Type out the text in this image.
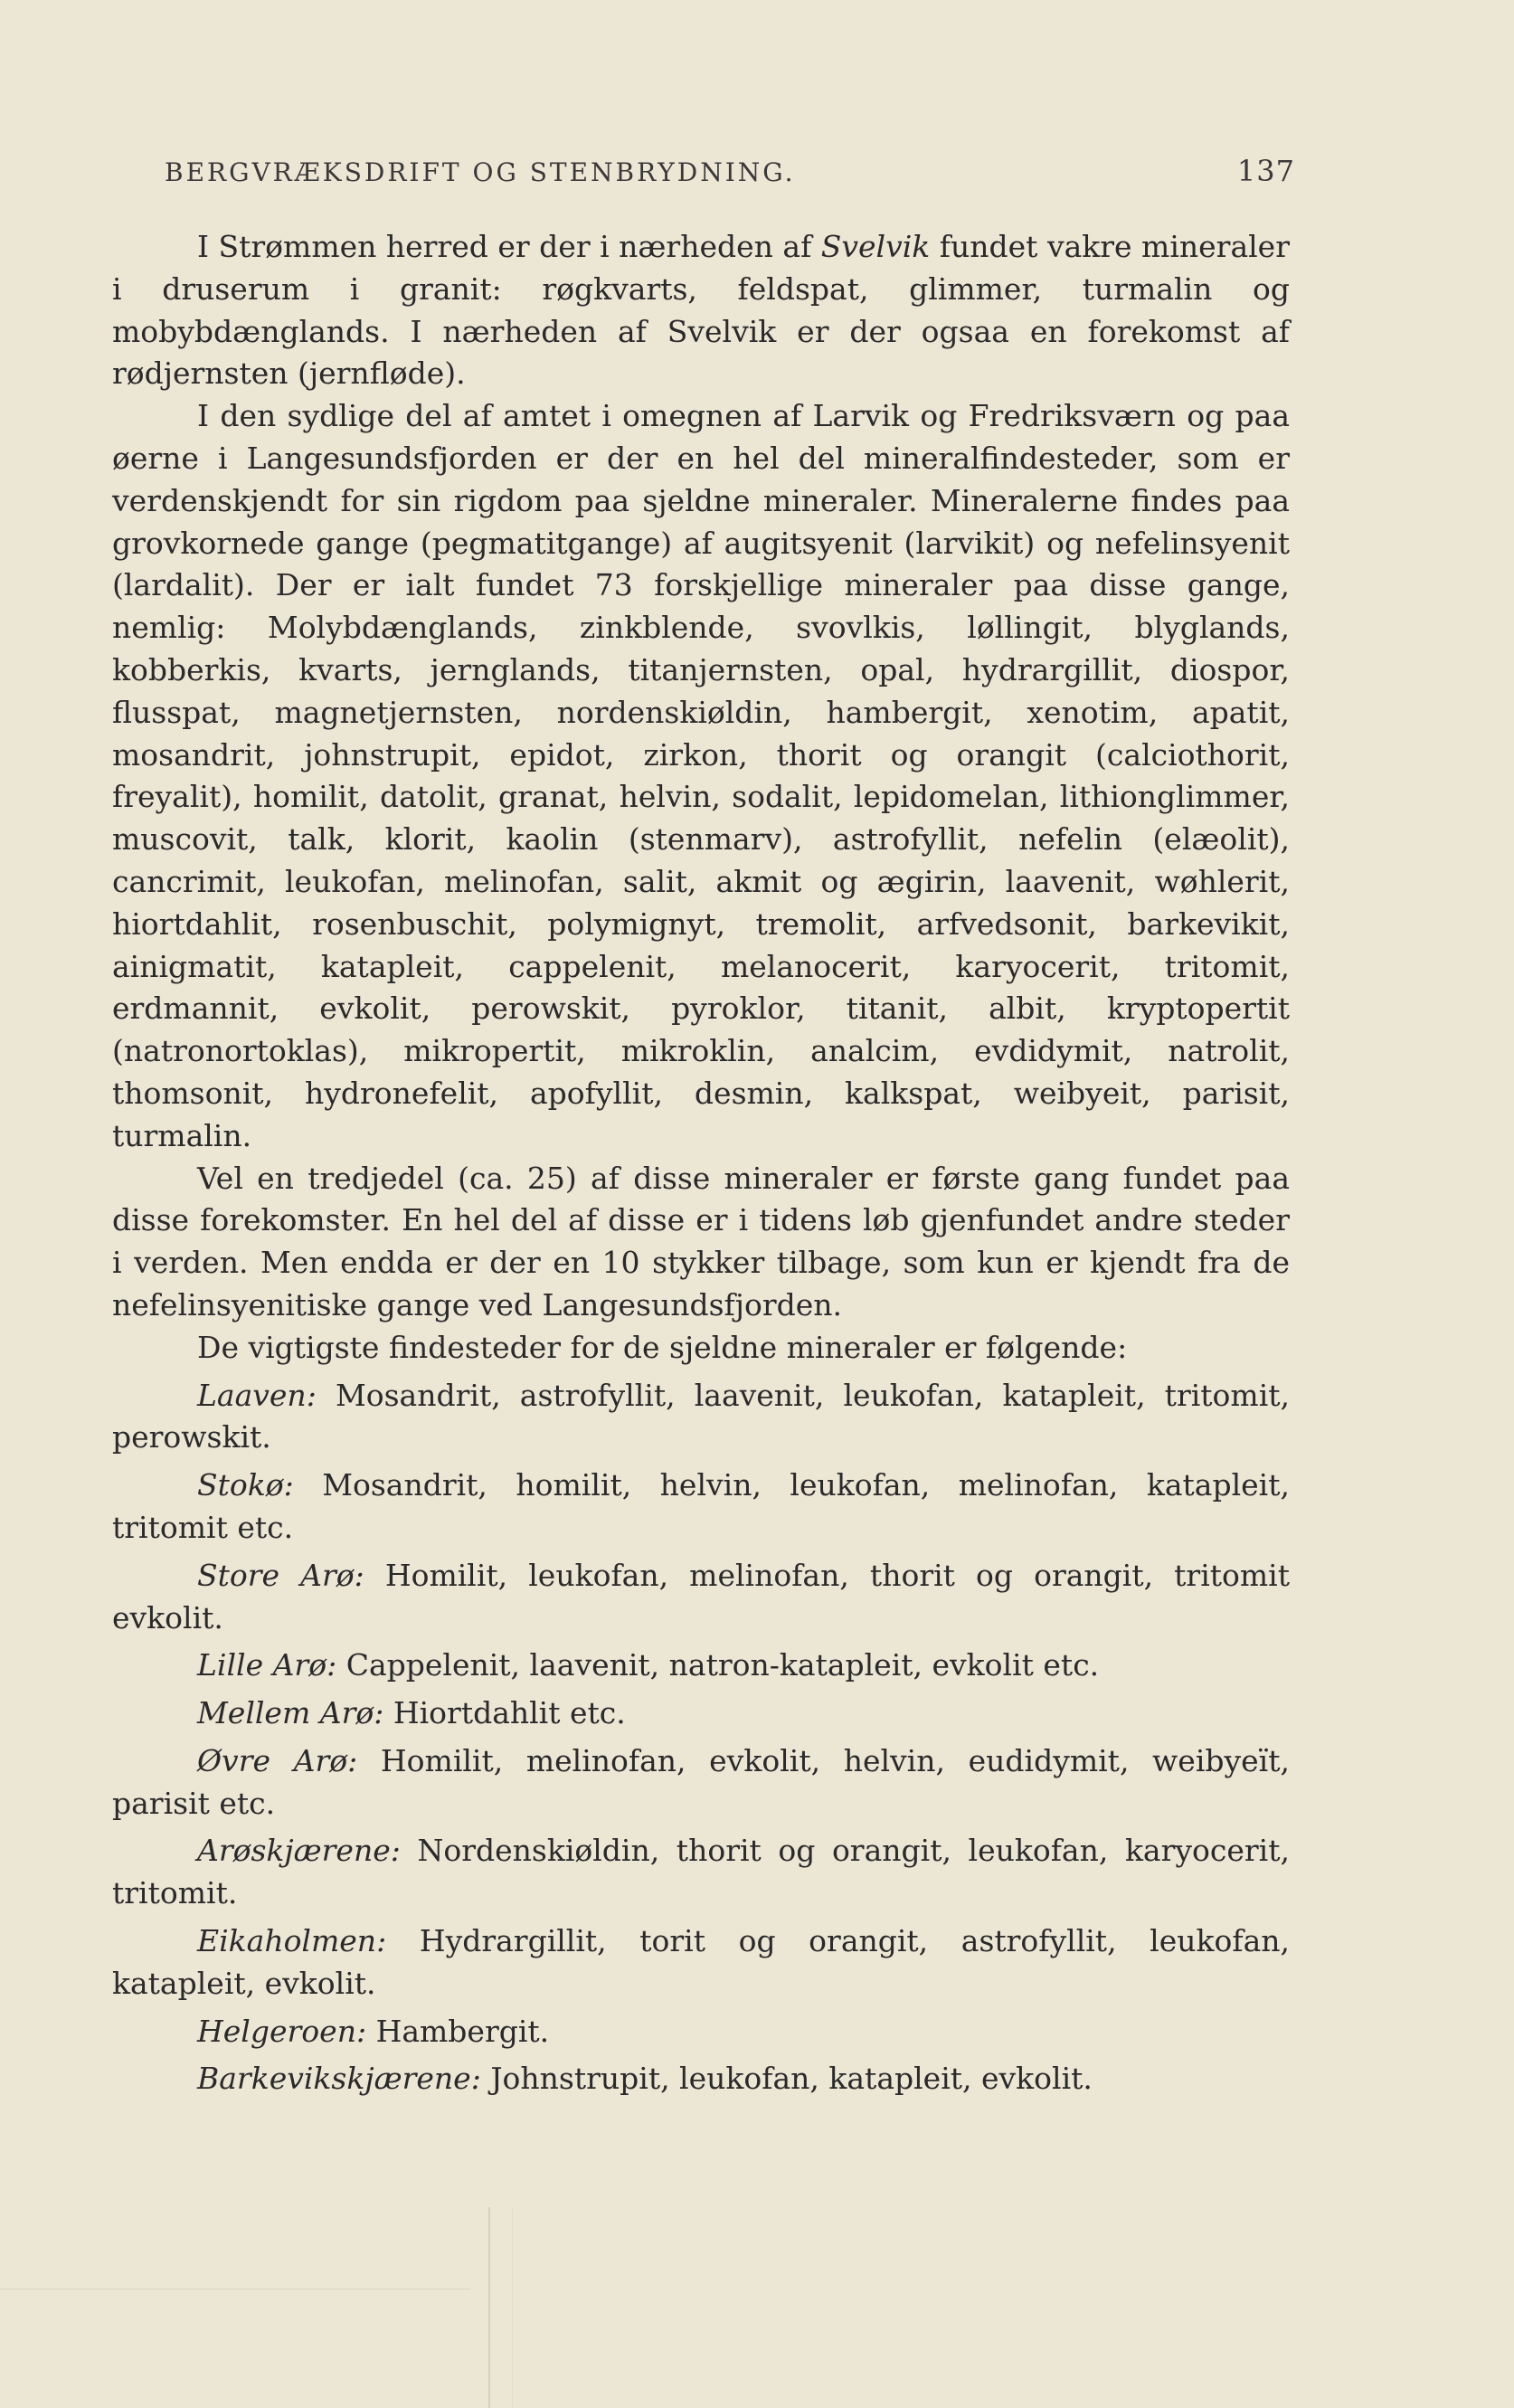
BERGVRÆKSDRIFT OG STENBRYDNING.	137

I Strømmen herred er der i nærheden af Svelvik fundet vakre mineraler i druserum i granit: røgkvarts, feldspat, glimmer, turmalin og mobybdænglands. I nærheden af Svelvik er der ogsaa en forekomst af rødjernsten (jernfløde).

I den sydlige del af amtet i omegnen af Larvik og Fredriksværn og paa øerne i Langesundsfjorden er der en hel del mineralfindesteder, som er verdenskjendt for sin rigdom paa sjeldne mineraler. Mineralerne findes paa grovkornede gange (pegmatitgange) af augitsyenit (larvikit) og nefelinsyenit (lardalit). Der er ialt fundet 73 forskjellige mineraler paa disse gange, nemlig: Molybdænglands, zinkblende, svovlkis, løllingit, blyglands, kobberkis, kvarts, jernglands, titanjernsten, opal, hydrargillit, diospor, flusspat, magnetjernsten, nordenskiøldin, hambergit, xenotim, apatit, mosandrit, johnstrupit, epidot, zirkon, thorit og orangit (calciothorit, freyalit), homilit, datolit, granat, helvin, sodalit, lepidomelan, lithionglimmer, muscovit, talk, klorit, kaolin (stenmarv), astrofyllit, nefelin (elæolit), cancrimit, leukofan, melinofan, salit, akmit og ægirin, laavenit, wøhlerit, hiortdahlit, rosenbuschit, polymignyt, tremolit, arfvedsonit, barkevikit, ainigmatit, katapleit, cappelenit, melanocerit, karyocerit, tritomit, erdmannit, evkolit, perowskit, pyroklor, titanit, albit, kryptopertit (natronortoklas), mikropertit, mikroklin, analcim, evdidymit, natrolit, thomsonit, hydronefelit, apofyllit, desmin, kalkspat, weibyeit, parisit, turmalin.

Vel en tredjedel (ca. 25) af disse mineraler er første gang fundet paa disse forekomster. En hel del af disse er i tidens løb gjenfundet andre steder i verden. Men endda er der en 10 stykker tilbage, som kun er kjendt fra de nefelinsyenitiske gange ved Langesundsfjorden.

De vigtigste findesteder for de sjeldne mineraler er følgende:

Laaven: Mosandrit, astrofyllit, laavenit, leukofan, katapleit, tritomit, perowskit.

Stokø: Mosandrit, homilit, helvin, leukofan, melinofan, katapleit, tritomit etc.

Store Arø: Homilit, leukofan, melinofan, thorit og orangit, tritomit evkolit.

Lille Arø: Cappelenit, laavenit, natron-katapleit, evkolit etc.

Mellem Arø: Hiortdahlit etc.

Øvre Arø: Homilit, melinofan, evkolit, helvin, eudidymit, weibyeït, parisit etc.

Arøskjærene: Nordenskiøldin, thorit og orangit, leukofan, karyocerit, tritomit.

Eikaholmen: Hydrargillit, torit og orangit, astrofyllit, leukofan, katapleit, evkolit.

Helgeroen: Hambergit.

Barkevikskjærene: Johnstrupit, leukofan, katapleit, evkolit.
